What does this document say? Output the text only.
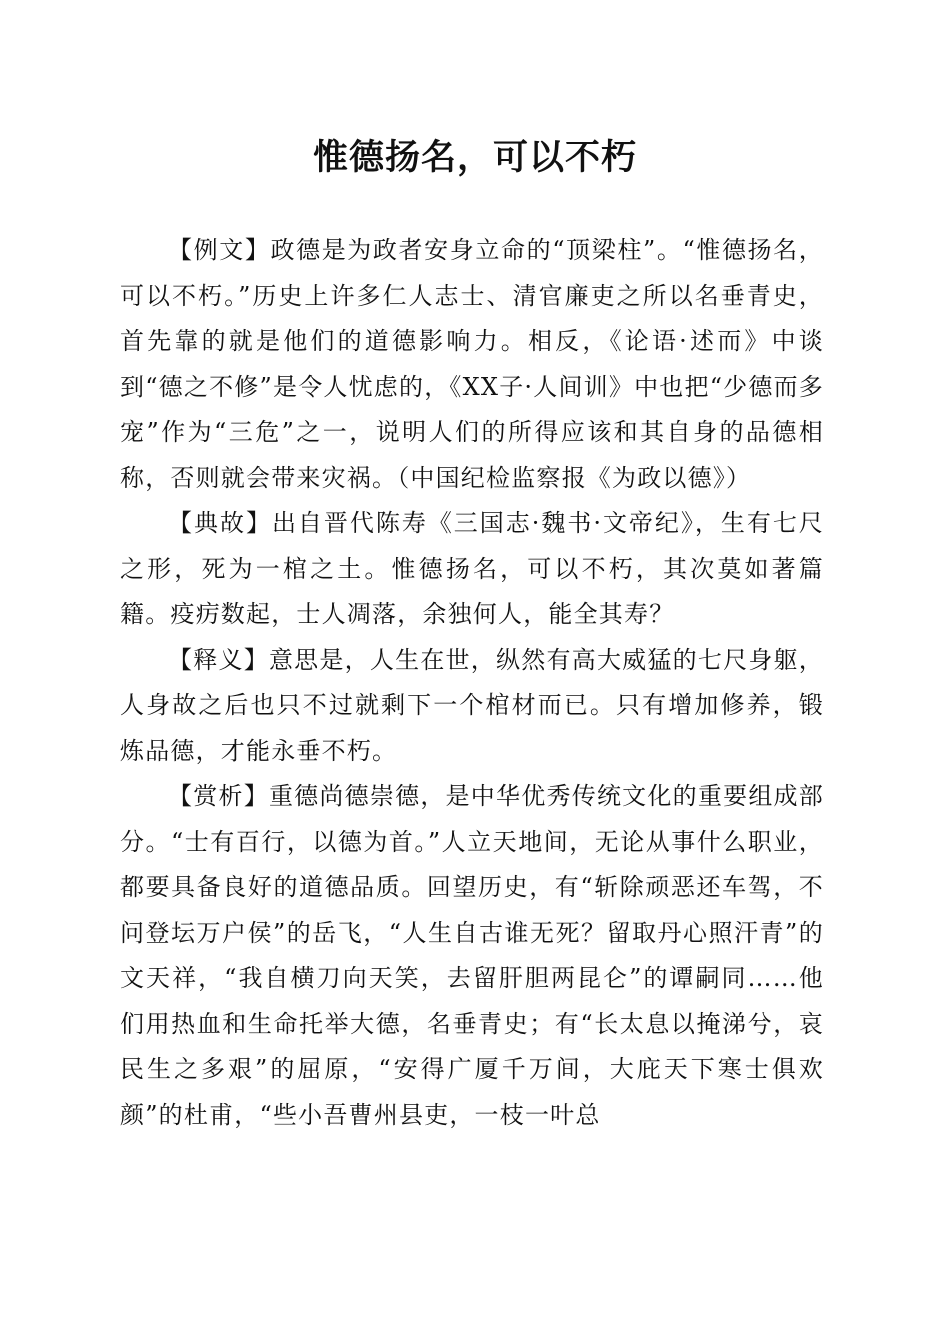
惟德扬名，可以不朽

【例文】政德是为政者安身立命的“顶梁柱”。“惟德扬名，可以不朽。”历史上许多仁人志士、清官廉吏之所以名垂青史，首先靠的就是他们的道德影响力。相反，《论语·述而》中谈到“德之不修”是令人忧虑的，《XX子·人间训》中也把“少德而多宠”作为“三危”之一，说明人们的所得应该和其自身的品德相称，否则就会带来灾祸。（中国纪检监察报《为政以德》）

【典故】出自晋代陈寿《三国志·魏书·文帝纪》，生有七尺之形，死为一棺之土。惟德扬名，可以不朽，其次莫如著篇籍。疫疠数起，士人凋落，余独何人，能全其寿？

【释义】意思是，人生在世，纵然有高大威猛的七尺身躯，人身故之后也只不过就剩下一个棺材而已。只有增加修养，锻炼品德，才能永垂不朽。

【赏析】重德尚德崇德，是中华优秀传统文化的重要组成部分。“士有百行，以德为首。”人立天地间，无论从事什么职业，都要具备良好的道德品质。回望历史，有“斩除顽恶还车驾，不问登坛万户侯”的岳飞，“人生自古谁无死？留取丹心照汗青”的文天祥，“我自横刀向天笑，去留肝胆两昆仑”的谭嗣同……他们用热血和生命托举大德，名垂青史；有“长太息以掩涕兮，哀民生之多艰”的屈原，“安得广厦千万间，大庇天下寒士俱欢颜”的杜甫，“些小吾曹州县吏，一枝一叶总
